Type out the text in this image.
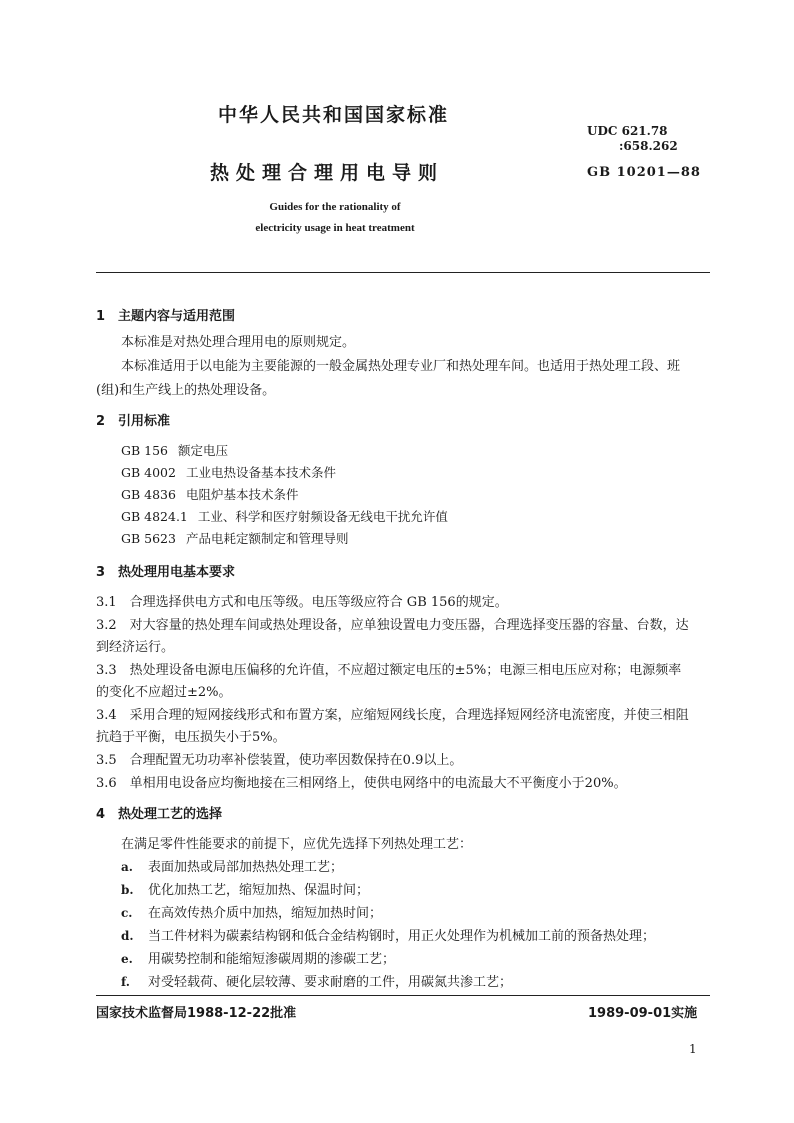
中华人民共和国国家标准
UDC 621.78
:658.262
热处理合理用电导则	GB 10201—88
Guides for the rationality of
electricity usage in heat treatment
1　主题内容与适用范围
本标准是对热处理合理用电的原则规定。
本标准适用于以电能为主要能源的一般金属热处理专业厂和热处理车间。也适用于热处理工段、班
(组)和生产线上的热处理设备。
2　引用标准
GB 156 额定电压
GB 4002 工业电热设备基本技术条件
GB 4836 电阻炉基本技术条件
GB 4824.1 工业、科学和医疗射频设备无线电干扰允许值
GB 5623 产品电耗定额制定和管理导则
3　热处理用电基本要求
3.1　合理选择供电方式和电压等级。电压等级应符合 GB 156的规定。
3.2　对大容量的热处理车间或热处理设备，应单独设置电力变压器，合理选择变压器的容量、台数，达
到经济运行。
3.3　热处理设备电源电压偏移的允许值，不应超过额定电压的±5%；电源三相电压应对称；电源频率
的变化不应超过±2%。
3.4　采用合理的短网接线形式和布置方案，应缩短网线长度，合理选择短网经济电流密度，并使三相阻
抗趋于平衡，电压损失小于5%。
3.5　合理配置无功功率补偿装置，使功率因数保持在0.9以上。
3.6　单相用电设备应均衡地接在三相网络上，使供电网络中的电流最大不平衡度小于20%。
4　热处理工艺的选择
在满足零件性能要求的前提下，应优先选择下列热处理工艺：
a. 表面加热或局部加热热处理工艺；
b. 优化加热工艺，缩短加热、保温时间；
c. 在高效传热介质中加热，缩短加热时间；
d. 当工件材料为碳素结构钢和低合金结构钢时，用正火处理作为机械加工前的预备热处理；
e. 用碳势控制和能缩短渗碳周期的渗碳工艺；
f. 对受轻载荷、硬化层较薄、要求耐磨的工件，用碳氮共渗工艺；
国家技术监督局1988-12-22批准	1989-09-01实施
1
